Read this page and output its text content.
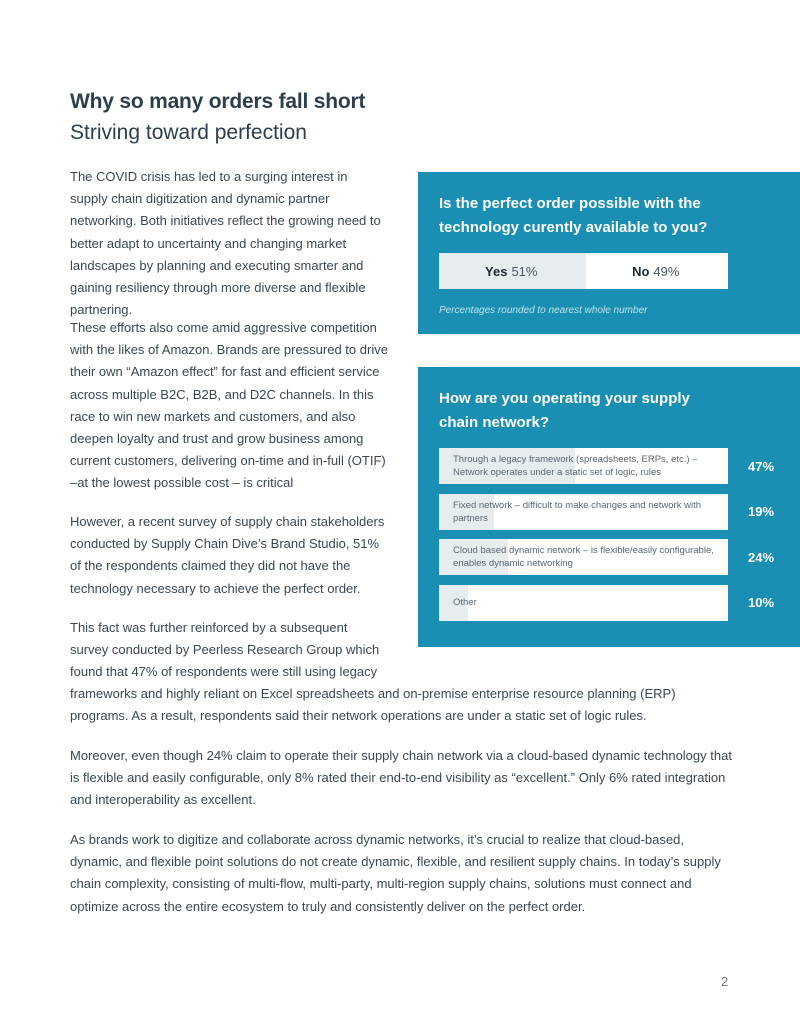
Why so many orders fall short
Striving toward perfection

The COVID crisis has led to a surging interest in supply chain digitization and dynamic partner networking. Both initiatives reflect the growing need to better adapt to uncertainty and changing market landscapes by planning and executing smarter and gaining resiliency through more diverse and flexible partnering.

These efforts also come amid aggressive competition with the likes of Amazon. Brands are pressured to drive their own “Amazon effect” for fast and efficient service across multiple B2C, B2B, and D2C channels. In this race to win new markets and customers, and also deepen loyalty and trust and grow business among current customers, delivering on-time and in-full (OTIF) –at the lowest possible cost – is critical

However, a recent survey of supply chain stakeholders conducted by Supply Chain Dive’s Brand Studio, 51% of the respondents claimed they did not have the technology necessary to achieve the perfect order.

This fact was further reinforced by a subsequent survey conducted by Peerless Research Group which found that 47% of respondents were still using legacy

frameworks and highly reliant on Excel spreadsheets and on-premise enterprise resource planning (ERP) programs. As a result, respondents said their network operations are under a static set of logic rules.

Moreover, even though 24% claim to operate their supply chain network via a cloud-based dynamic technology that is flexible and easily configurable, only 8% rated their end-to-end visibility as “excellent.” Only 6% rated integration and interoperability as excellent.

As brands work to digitize and collaborate across dynamic networks, it’s crucial to realize that cloud-based, dynamic, and flexible point solutions do not create dynamic, flexible, and resilient supply chains. In today’s supply chain complexity, consisting of multi-flow, multi-party, multi-region supply chains, solutions must connect and optimize across the entire ecosystem to truly and consistently deliver on the perfect order.

Is the perfect order possible with the technology curently available to you?

Yes 51%	No 49%

Percentages rounded to nearest whole number

How are you operating your supply chain network?

Through a legacy framework (spreadsheets, ERPs, etc.) – Network operates under a static set of logic, rules	47%
Fixed network – difficult to make changes and network with partners	19%
Cloud based dynamic network – is flexible/easily configurable, enables dynamic networking	24%
Other	10%
2
